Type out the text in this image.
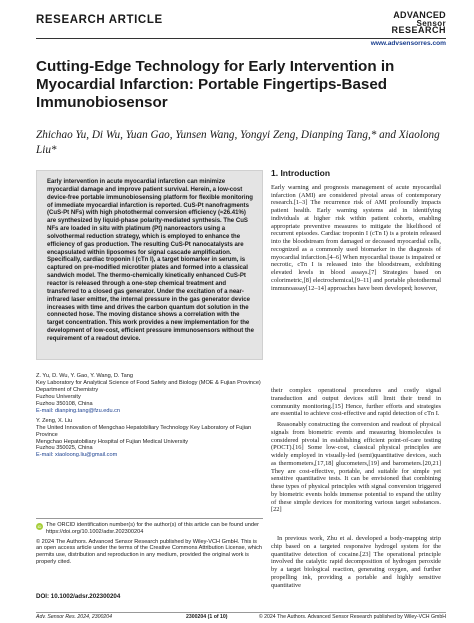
RESEARCH ARTICLE	ADVANCED
Sensor
RESEARCH
www.advsensorres.com
Cutting-Edge Technology for Early Intervention in Myocardial Infarction: Portable Fingertips-Based Immunobiosensor
Zhichao Yu, Di Wu, Yuan Gao, Yunsen Wang, Yongyi Zeng, Dianping Tang,* and Xiaolong Liu*
Early intervention in acute myocardial infarction can minimize myocardial damage and improve patient survival. Herein, a low-cost device-free portable immunobiosensing platform for flexible monitoring of immediate myocardial infarction is reported. CuS-Pt nanofragments (CuS-Pt NFs) with high photothermal conversion efficiency (≈26.41%) are synthesized by liquid-phase polarity-mediated synthesis. The CuS NFs are loaded in situ with platinum (Pt) nanoreactors using a solvothermal reduction strategy, which is employed to enhance the efficiency of gas production. The resulting CuS-Pt nanocatalysts are encapsulated within liposomes for signal cascade amplification. Specifically, cardiac troponin I (cTn I), a target biomarker in serum, is captured on pre-modified microtiter plates and formed into a classical sandwich model. The thermo-chemically kinetically enhanced CuS-Pt reactor is released through a one-step chemical treatment and transferred to a closed gas generator. Under the excitation of a near-infrared laser emitter, the internal pressure in the gas generator device increases with time and drives the carbon quantum dot solution in the connected hose. The moving distance shows a correlation with the target concentration. This work provides a new implementation for the development of low-cost, efficient pressure immunosensors without the requirement of a readout device.
1. Introduction
Early warning and prognosis management of acute myocardial infarction (AMI) are considered pivotal areas of contemporary research.[1–3] The recurrence risk of AMI profoundly impacts patient health. Early warning systems aid in identifying individuals at higher risk within patient cohorts, enabling appropriate preventive measures to mitigate the likelihood of recurrent episodes. Cardiac troponin I (cTn I) is a protein released into the bloodstream from damaged or deceased myocardial cells, recognized as a commonly used biomarker in the diagnosis of myocardial infarction.[4–6] When myocardial tissue is impaired or necrotic, cTn I is released into the bloodstream, exhibiting elevated levels in blood assays.[7] Strategies based on colorimetric,[8] electrochemical,[9–11] and portable photothermal immunoassay[12–14] approaches have been developed; however,

Z. Yu, D. Wu, Y. Gao, Y. Wang, D. Tang
Key Laboratory for Analytical Science of Food Safety and Biology (MOE & Fujian Province)
Department of Chemistry
Fuzhou University
Fuzhou 350108, China
E-mail: dianping.tang@fzu.edu.cn

Y. Zeng, X. Liu
The United Innovation of Mengchao Hepatobiliary Technology Key Laboratory of Fujian Province
Mengchao Hepatobiliary Hospital of Fujian Medical University
Fuzhou 350025, China
E-mail: xiaoloong.liu@gmail.com

iD The ORCID identification number(s) for the author(s) of this article can be found under https://doi.org/10.1002/adsr.202300204
© 2024 The Authors. Advanced Sensor Research published by Wiley-VCH GmbH. This is an open access article under the terms of the Creative Commons Attribution License, which permits use, distribution and reproduction in any medium, provided the original work is properly cited.
DOI: 10.1002/adsr.202300204
their complex operational procedures and costly signal transduction and output devices still limit their trend in community monitoring.[15] Hence, further efforts and strategies are essential to achieve cost-effective and rapid detection of cTn I.
Reasonably constructing the conversion and readout of physical signals from biometric events and measuring biomolecules is considered pivotal in establishing efficient point-of-care testing (POCT).[16] Some low-cost, classical physical principles are widely employed in visually-led (semi)quantitative devices, such as thermometers,[17,18] glucometers,[19] and barometers.[20,21] They are cost-effective, portable, and suitable for simple yet sensitive quantitative tests. It can be envisioned that combining these types of physical principles with signal conversion triggered by biometric events holds immense potential to expand the utility of these simple devices for monitoring various target substances.[22]
In previous work, Zhu et al. developed a body-mapping strip chip based on a targeted responsive hydrogel system for the quantitative detection of cocaine.[23] The operational principle involved the catalytic rapid decomposition of hydrogen peroxide by a target biological reaction, generating oxygen, and further propelling ink, providing a portable and highly sensitive quantitative
Adv. Sensor Res. 2024, 2300204	2300204 (1 of 10)	© 2024 The Authors. Advanced Sensor Research published by Wiley-VCH GmbH
